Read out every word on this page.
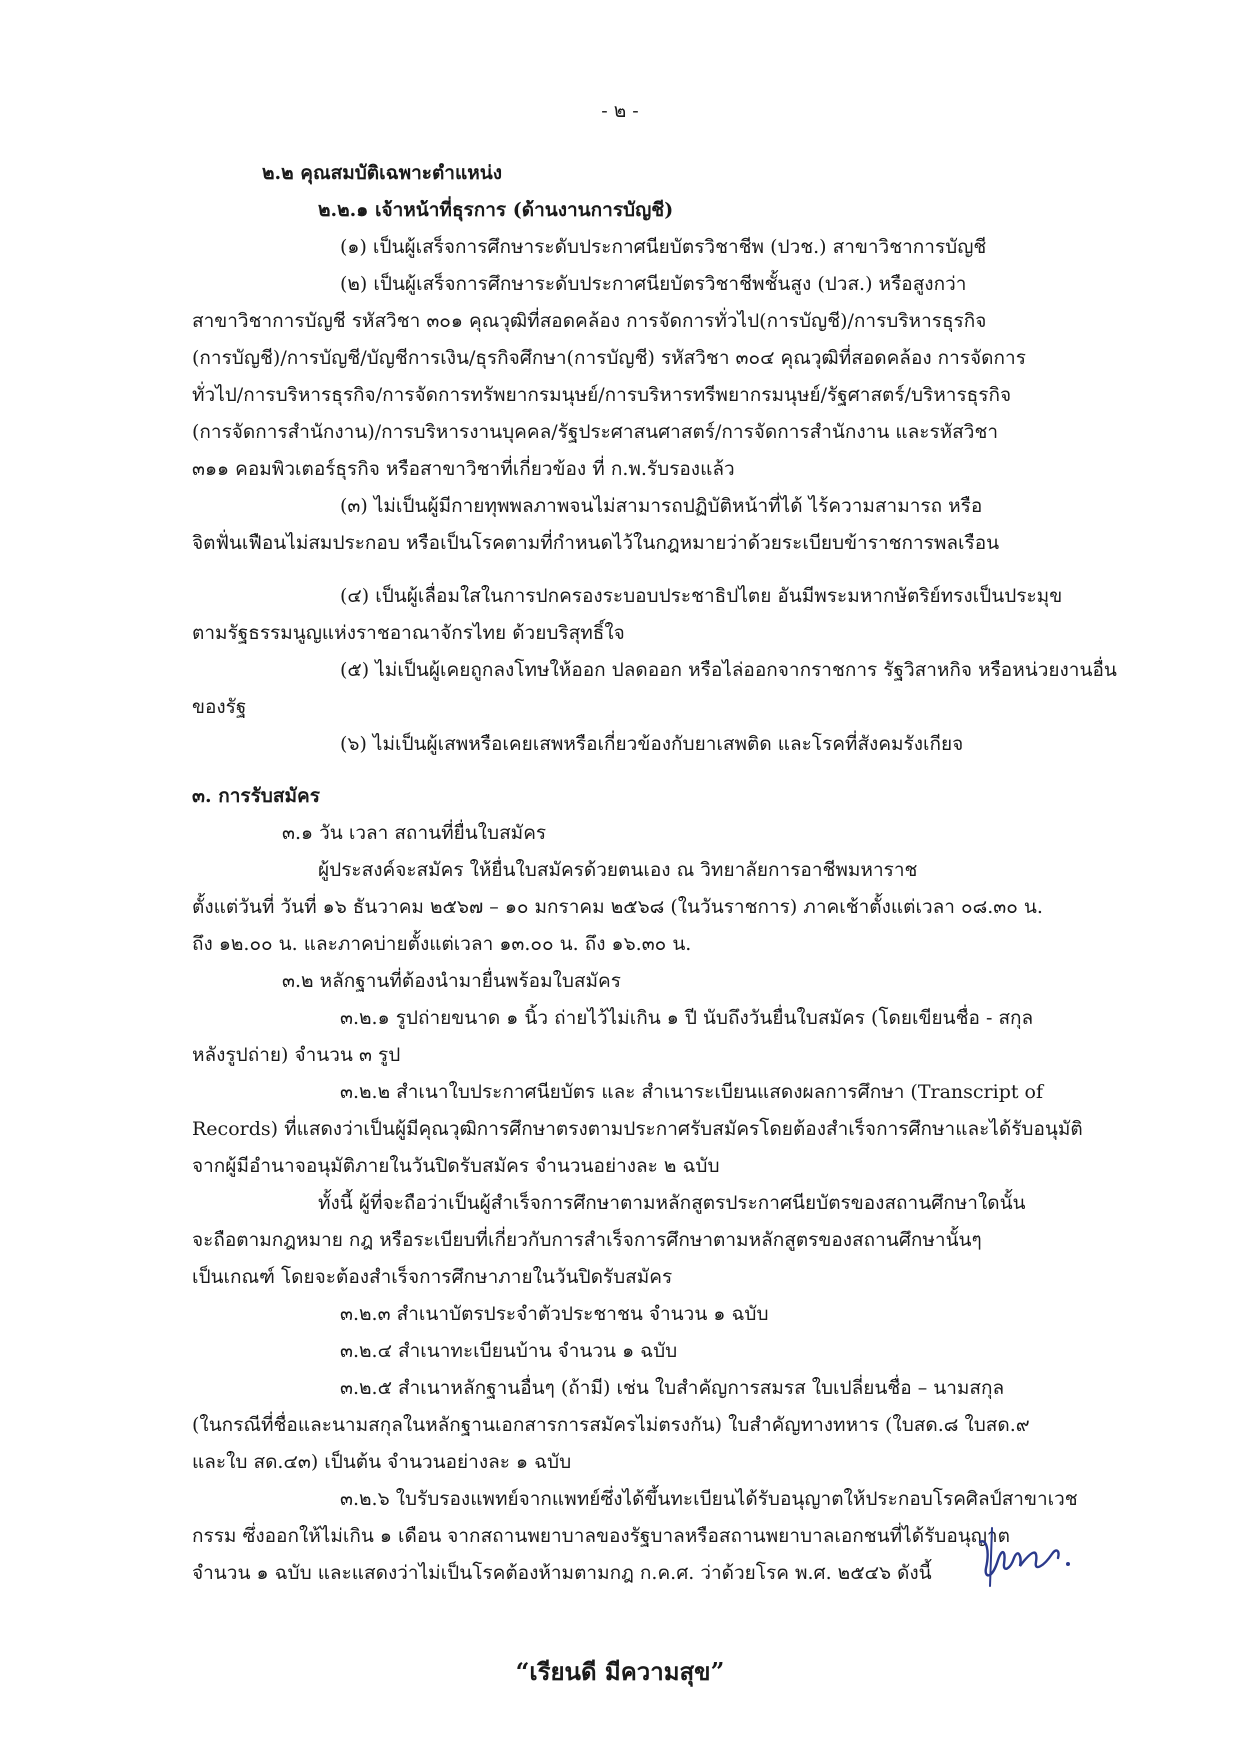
- ๒ -
๒.๒ คุณสมบัติเฉพาะตำแหน่ง
๒.๒.๑ เจ้าหน้าที่ธุรการ (ด้านงานการบัญชี)
(๑) เป็นผู้เสร็จการศึกษาระดับประกาศนียบัตรวิชาชีพ (ปวช.) สาขาวิชาการบัญชี
(๒) เป็นผู้เสร็จการศึกษาระดับประกาศนียบัตรวิชาชีพชั้นสูง (ปวส.) หรือสูงกว่า
สาขาวิชาการบัญชี รหัสวิชา ๓๐๑ คุณวุฒิที่สอดคล้อง การจัดการทั่วไป(การบัญชี)/การบริหารธุรกิจ
(การบัญชี)/การบัญชี/บัญชีการเงิน/ธุรกิจศึกษา(การบัญชี) รหัสวิชา ๓๐๔ คุณวุฒิที่สอดคล้อง การจัดการ
ทั่วไป/การบริหารธุรกิจ/การจัดการทรัพยากรมนุษย์/การบริหารทรีพยากรมนุษย์/รัฐศาสตร์/บริหารธุรกิจ
(การจัดการสำนักงาน)/การบริหารงานบุคคล/รัฐประศาสนศาสตร์/การจัดการสำนักงาน และรหัสวิชา
๓๑๑ คอมพิวเตอร์ธุรกิจ หรือสาขาวิชาที่เกี่ยวข้อง ที่ ก.พ.รับรองแล้ว
(๓) ไม่เป็นผู้มีกายทุพพลภาพจนไม่สามารถปฏิบัติหน้าที่ได้ ไร้ความสามารถ หรือ
จิตฟั่นเฟือนไม่สมประกอบ หรือเป็นโรคตามที่กำหนดไว้ในกฎหมายว่าด้วยระเบียบข้าราชการพลเรือน
(๔) เป็นผู้เลื่อมใสในการปกครองระบอบประชาธิปไตย อันมีพระมหากษัตริย์ทรงเป็นประมุข
ตามรัฐธรรมนูญแห่งราชอาณาจักรไทย ด้วยบริสุทธิ์ใจ
(๕) ไม่เป็นผู้เคยถูกลงโทษให้ออก ปลดออก หรือไล่ออกจากราชการ รัฐวิสาหกิจ หรือหน่วยงานอื่น
ของรัฐ
(๖) ไม่เป็นผู้เสพหรือเคยเสพหรือเกี่ยวข้องกับยาเสพติด และโรคที่สังคมรังเกียจ
๓. การรับสมัคร
๓.๑ วัน เวลา สถานที่ยื่นใบสมัคร
ผู้ประสงค์จะสมัคร ให้ยื่นใบสมัครด้วยตนเอง ณ วิทยาลัยการอาชีพมหาราช
ตั้งแต่วันที่ วันที่ ๑๖ ธันวาคม ๒๕๖๗ – ๑๐ มกราคม ๒๕๖๘ (ในวันราชการ) ภาคเช้าตั้งแต่เวลา ๐๘.๓๐ น.
ถึง ๑๒.๐๐ น. และภาคบ่ายตั้งแต่เวลา ๑๓.๐๐ น. ถึง ๑๖.๓๐ น.
๓.๒ หลักฐานที่ต้องนำมายื่นพร้อมใบสมัคร
๓.๒.๑ รูปถ่ายขนาด ๑ นิ้ว ถ่ายไว้ไม่เกิน ๑ ปี นับถึงวันยื่นใบสมัคร (โดยเขียนชื่อ - สกุล
หลังรูปถ่าย) จำนวน ๓ รูป
๓.๒.๒ สำเนาใบประกาศนียบัตร และ สำเนาระเบียนแสดงผลการศึกษา (Transcript of
Records) ที่แสดงว่าเป็นผู้มีคุณวุฒิการศึกษาตรงตามประกาศรับสมัครโดยต้องสำเร็จการศึกษาและได้รับอนุมัติ
จากผู้มีอำนาจอนุมัติภายในวันปิดรับสมัคร จำนวนอย่างละ ๒ ฉบับ
ทั้งนี้ ผู้ที่จะถือว่าเป็นผู้สำเร็จการศึกษาตามหลักสูตรประกาศนียบัตรของสถานศึกษาใดนั้น
จะถือตามกฎหมาย กฎ หรือระเบียบที่เกี่ยวกับการสำเร็จการศึกษาตามหลักสูตรของสถานศึกษานั้นๆ
เป็นเกณฑ์ โดยจะต้องสำเร็จการศึกษาภายในวันปิดรับสมัคร
๓.๒.๓ สำเนาบัตรประจำตัวประชาชน จำนวน ๑ ฉบับ
๓.๒.๔ สำเนาทะเบียนบ้าน จำนวน ๑ ฉบับ
๓.๒.๕ สำเนาหลักฐานอื่นๆ (ถ้ามี) เช่น ใบสำคัญการสมรส ใบเปลี่ยนชื่อ – นามสกุล
(ในกรณีที่ชื่อและนามสกุลในหลักฐานเอกสารการสมัครไม่ตรงกัน) ใบสำคัญทางทหาร (ใบสด.๘ ใบสด.๙
และใบ สด.๔๓) เป็นต้น จำนวนอย่างละ ๑ ฉบับ
๓.๒.๖ ใบรับรองแพทย์จากแพทย์ซึ่งได้ขึ้นทะเบียนได้รับอนุญาตให้ประกอบโรคศิลป์สาขาเวช
กรรม ซึ่งออกให้ไม่เกิน ๑ เดือน จากสถานพยาบาลของรัฐบาลหรือสถานพยาบาลเอกชนที่ได้รับอนุญาต
จำนวน ๑ ฉบับ และแสดงว่าไม่เป็นโรคต้องห้ามตามกฎ ก.ค.ศ. ว่าด้วยโรค พ.ศ. ๒๕๔๖ ดังนี้
“เรียนดี มีความสุข”
